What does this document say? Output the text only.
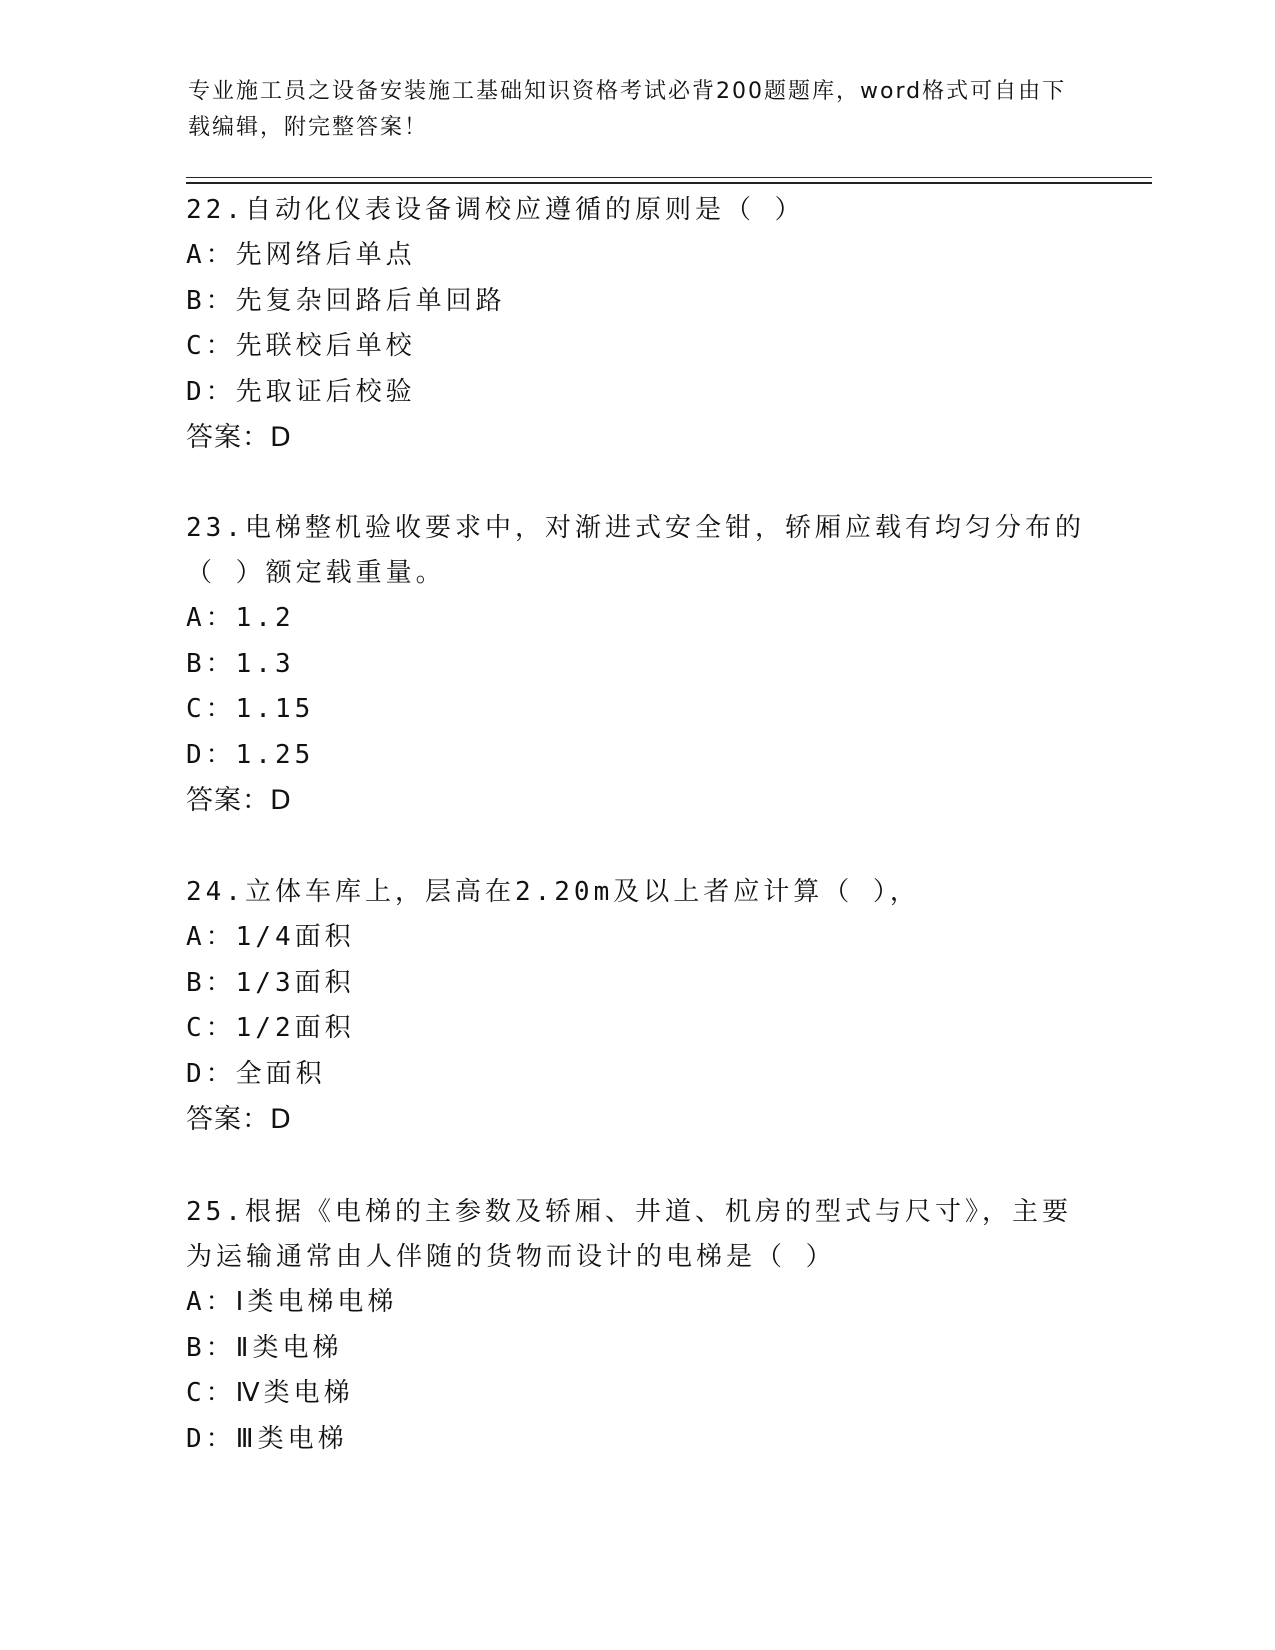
专业施工员之设备安装施工基础知识资格考试必背200题题库，word格式可自由下载编辑，附完整答案！
22.自动化仪表设备调校应遵循的原则是（ ）
A：先网络后单点
B：先复杂回路后单回路
C：先联校后单校
D：先取证后校验
答案：D
23.电梯整机验收要求中，对渐进式安全钳，轿厢应载有均匀分布的（ ）额定载重量。
A：1.2
B：1.3
C：1.15
D：1.25
答案：D
24.立体车库上，层高在2.20m及以上者应计算（ ），
A：1/4面积
B：1/3面积
C：1/2面积
D：全面积
答案：D
25.根据《电梯的主参数及轿厢、井道、机房的型式与尺寸》，主要为运输通常由人伴随的货物而设计的电梯是（ ）
A：Ⅰ类电梯电梯
B：Ⅱ类电梯
C：Ⅳ类电梯
D：Ⅲ类电梯
